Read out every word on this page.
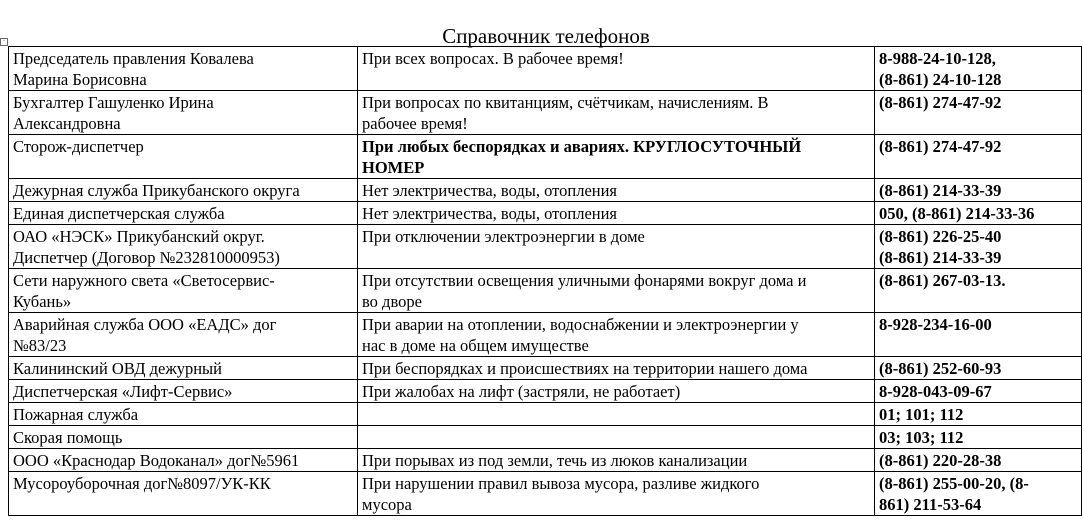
Справочник телефонов
+
Председатель правления Ковалева
Марина Борисовна	При всех вопросах. В рабочее время!	8-988-24-10-128,
(8-861) 24-10-128

Бухгалтер Гашуленко Ирина
Александровна	При вопросах по квитанциям, счётчикам, начислениям. В
рабочее время!	(8-861) 274-47-92

Сторож-диспетчер	При любых беспорядках и авариях. КРУГЛОСУТОЧНЫЙ
НОМЕР	(8-861) 274-47-92

Дежурная служба Прикубанского округа	Нет электричества, воды, отопления	(8-861) 214-33-39

Единая диспетчерская служба	Нет электричества, воды, отопления	050, (8-861) 214-33-36

ОАО «НЭСК» Прикубанский округ.
Диспетчер (Договор №232810000953)	При отключении электроэнергии в доме	(8-861) 226-25-40
(8-861) 214-33-39

Сети наружного света «Светосервис-
Кубань»	При отсутствии освещения уличными фонарями вокруг дома и
во дворе	(8-861) 267-03-13.

Аварийная служба ООО «ЕАДС» дог
№83/23	При аварии на отоплении, водоснабжении и электроэнергии у
нас в доме на общем имуществе	8-928-234-16-00

Калининский ОВД дежурный	При беспорядках и происшествиях на территории нашего дома	(8-861) 252-60-93

Диспетчерская «Лифт-Сервис»	При жалобах на лифт (застряли, не работает)	8-928-043-09-67

Пожарная служба		01; 101; 112

Скорая помощь		03; 103; 112

ООО «Краснодар Водоканал» дог№5961	При порывах из под земли, течь из люков канализации	(8-861) 220-28-38

Мусороуборочная дог№8097/УК-КК	При нарушении правил вывоза мусора, разливе жидкого
мусора	(8-861) 255-00-20, (8-
861) 211-53-64
